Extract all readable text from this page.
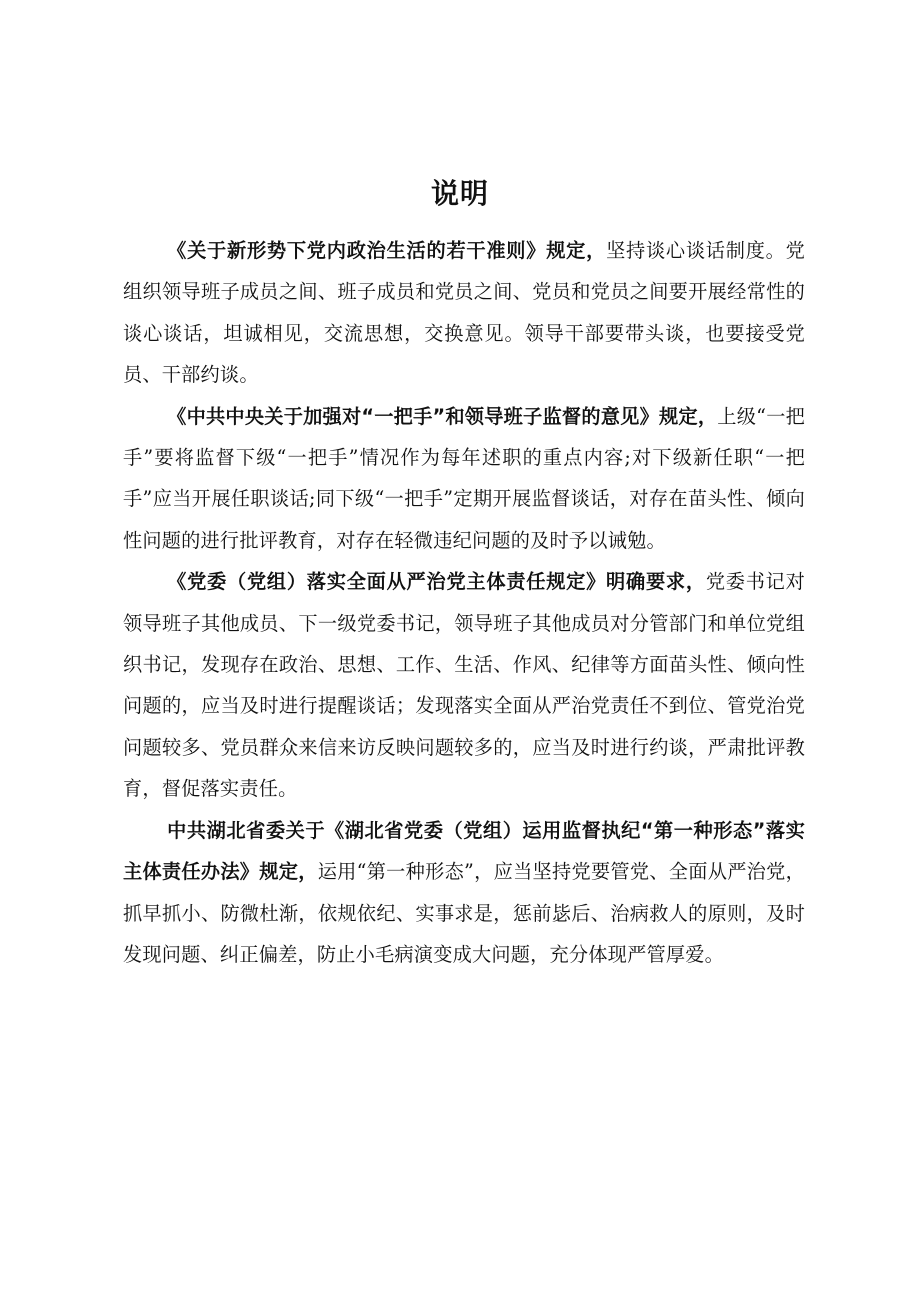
说明

《关于新形势下党内政治生活的若干准则》规定，坚持谈心谈话制度。党组织领导班子成员之间、班子成员和党员之间、党员和党员之间要开展经常性的谈心谈话，坦诚相见，交流思想，交换意见。领导干部要带头谈，也要接受党员、干部约谈。

《中共中央关于加强对“一把手”和领导班子监督的意见》规定，上级“一把手”要将监督下级“一把手”情况作为每年述职的重点内容;对下级新任职“一把手”应当开展任职谈话;同下级“一把手”定期开展监督谈话，对存在苗头性、倾向性问题的进行批评教育，对存在轻微违纪问题的及时予以诫勉。

《党委（党组）落实全面从严治党主体责任规定》明确要求，党委书记对领导班子其他成员、下一级党委书记，领导班子其他成员对分管部门和单位党组织书记，发现存在政治、思想、工作、生活、作风、纪律等方面苗头性、倾向性问题的，应当及时进行提醒谈话；发现落实全面从严治党责任不到位、管党治党问题较多、党员群众来信来访反映问题较多的，应当及时进行约谈，严肃批评教育，督促落实责任。

中共湖北省委关于《湖北省党委（党组）运用监督执纪“第一种形态”落实主体责任办法》规定，运用“第一种形态”，应当坚持党要管党、全面从严治党，抓早抓小、防微杜渐，依规依纪、实事求是，惩前毖后、治病救人的原则，及时发现问题、纠正偏差，防止小毛病演变成大问题，充分体现严管厚爱。
